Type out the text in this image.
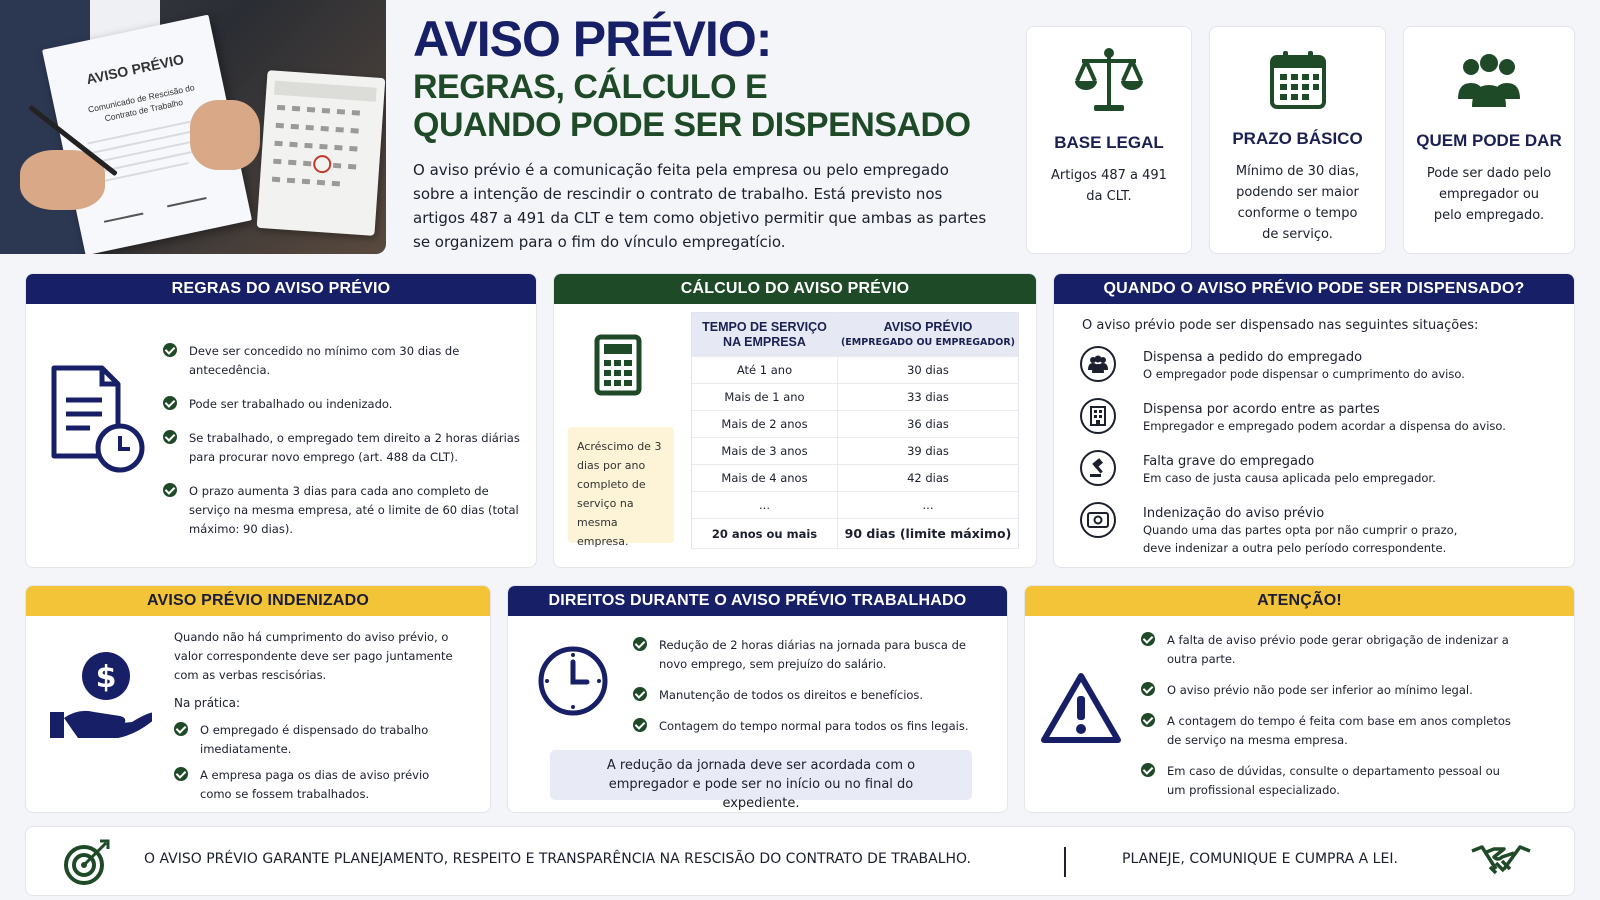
AVISO PRÉVIO
Comunicado de Rescisão do Contrato de Trabalho
AVISO PRÉVIO:
REGRAS, CÁLCULO E
QUANDO PODE SER DISPENSADO
O aviso prévio é a comunicação feita pela empresa ou pelo empregado sobre a intenção de rescindir o contrato de trabalho. Está previsto nos artigos 487 a 491 da CLT e tem como objetivo permitir que ambas as partes se organizem para o fim do vínculo empregatício.
BASE LEGAL
Artigos 487 a 491 da CLT.
PRAZO BÁSICO
Mínimo de 30 dias, podendo ser maior conforme o tempo de serviço.
QUEM PODE DAR
Pode ser dado pelo empregador ou pelo empregado.
REGRAS DO AVISO PRÉVIO
Deve ser concedido no mínimo com 30 dias de antecedência.
Pode ser trabalhado ou indenizado.
Se trabalhado, o empregado tem direito a 2 horas diárias para procurar novo emprego (art. 488 da CLT).
O prazo aumenta 3 dias para cada ano completo de serviço na mesma empresa, até o limite de 60 dias (total máximo: 90 dias).
CÁLCULO DO AVISO PRÉVIO
Acréscimo de 3 dias por ano completo de serviço na mesma empresa.
TEMPO DE SERVIÇO NA EMPRESA	AVISO PRÉVIO
(EMPREGADO OU EMPREGADOR)

Até 1 ano	30 dias
Mais de 1 ano	33 dias
Mais de 2 anos	36 dias
Mais de 3 anos	39 dias
Mais de 4 anos	42 dias
...	...
20 anos ou mais	90 dias (limite máximo)
QUANDO O AVISO PRÉVIO PODE SER DISPENSADO?
O aviso prévio pode ser dispensado nas seguintes situações:
Dispensa a pedido do empregado
O empregador pode dispensar o cumprimento do aviso.
Dispensa por acordo entre as partes
Empregador e empregado podem acordar a dispensa do aviso.
Falta grave do empregado
Em caso de justa causa aplicada pelo empregador.
Indenização do aviso prévio
Quando uma das partes opta por não cumprir o prazo, deve indenizar a outra pelo período correspondente.
AVISO PRÉVIO INDENIZADO
$
Quando não há cumprimento do aviso prévio, o valor correspondente deve ser pago juntamente com as verbas rescisórias.
Na prática:
O empregado é dispensado do trabalho imediatamente.
A empresa paga os dias de aviso prévio como se fossem trabalhados.
DIREITOS DURANTE O AVISO PRÉVIO TRABALHADO
Redução de 2 horas diárias na jornada para busca de novo emprego, sem prejuízo do salário.
Manutenção de todos os direitos e benefícios.
Contagem do tempo normal para todos os fins legais.
A redução da jornada deve ser acordada com o empregador e pode ser no início ou no final do expediente.
ATENÇÃO!
A falta de aviso prévio pode gerar obrigação de indenizar a outra parte.
O aviso prévio não pode ser inferior ao mínimo legal.
A contagem do tempo é feita com base em anos completos de serviço na mesma empresa.
Em caso de dúvidas, consulte o departamento pessoal ou um profissional especializado.
O AVISO PRÉVIO GARANTE PLANEJAMENTO, RESPEITO E TRANSPARÊNCIA NA RESCISÃO DO CONTRATO DE TRABALHO.	PLANEJE, COMUNIQUE E CUMPRA A LEI.
